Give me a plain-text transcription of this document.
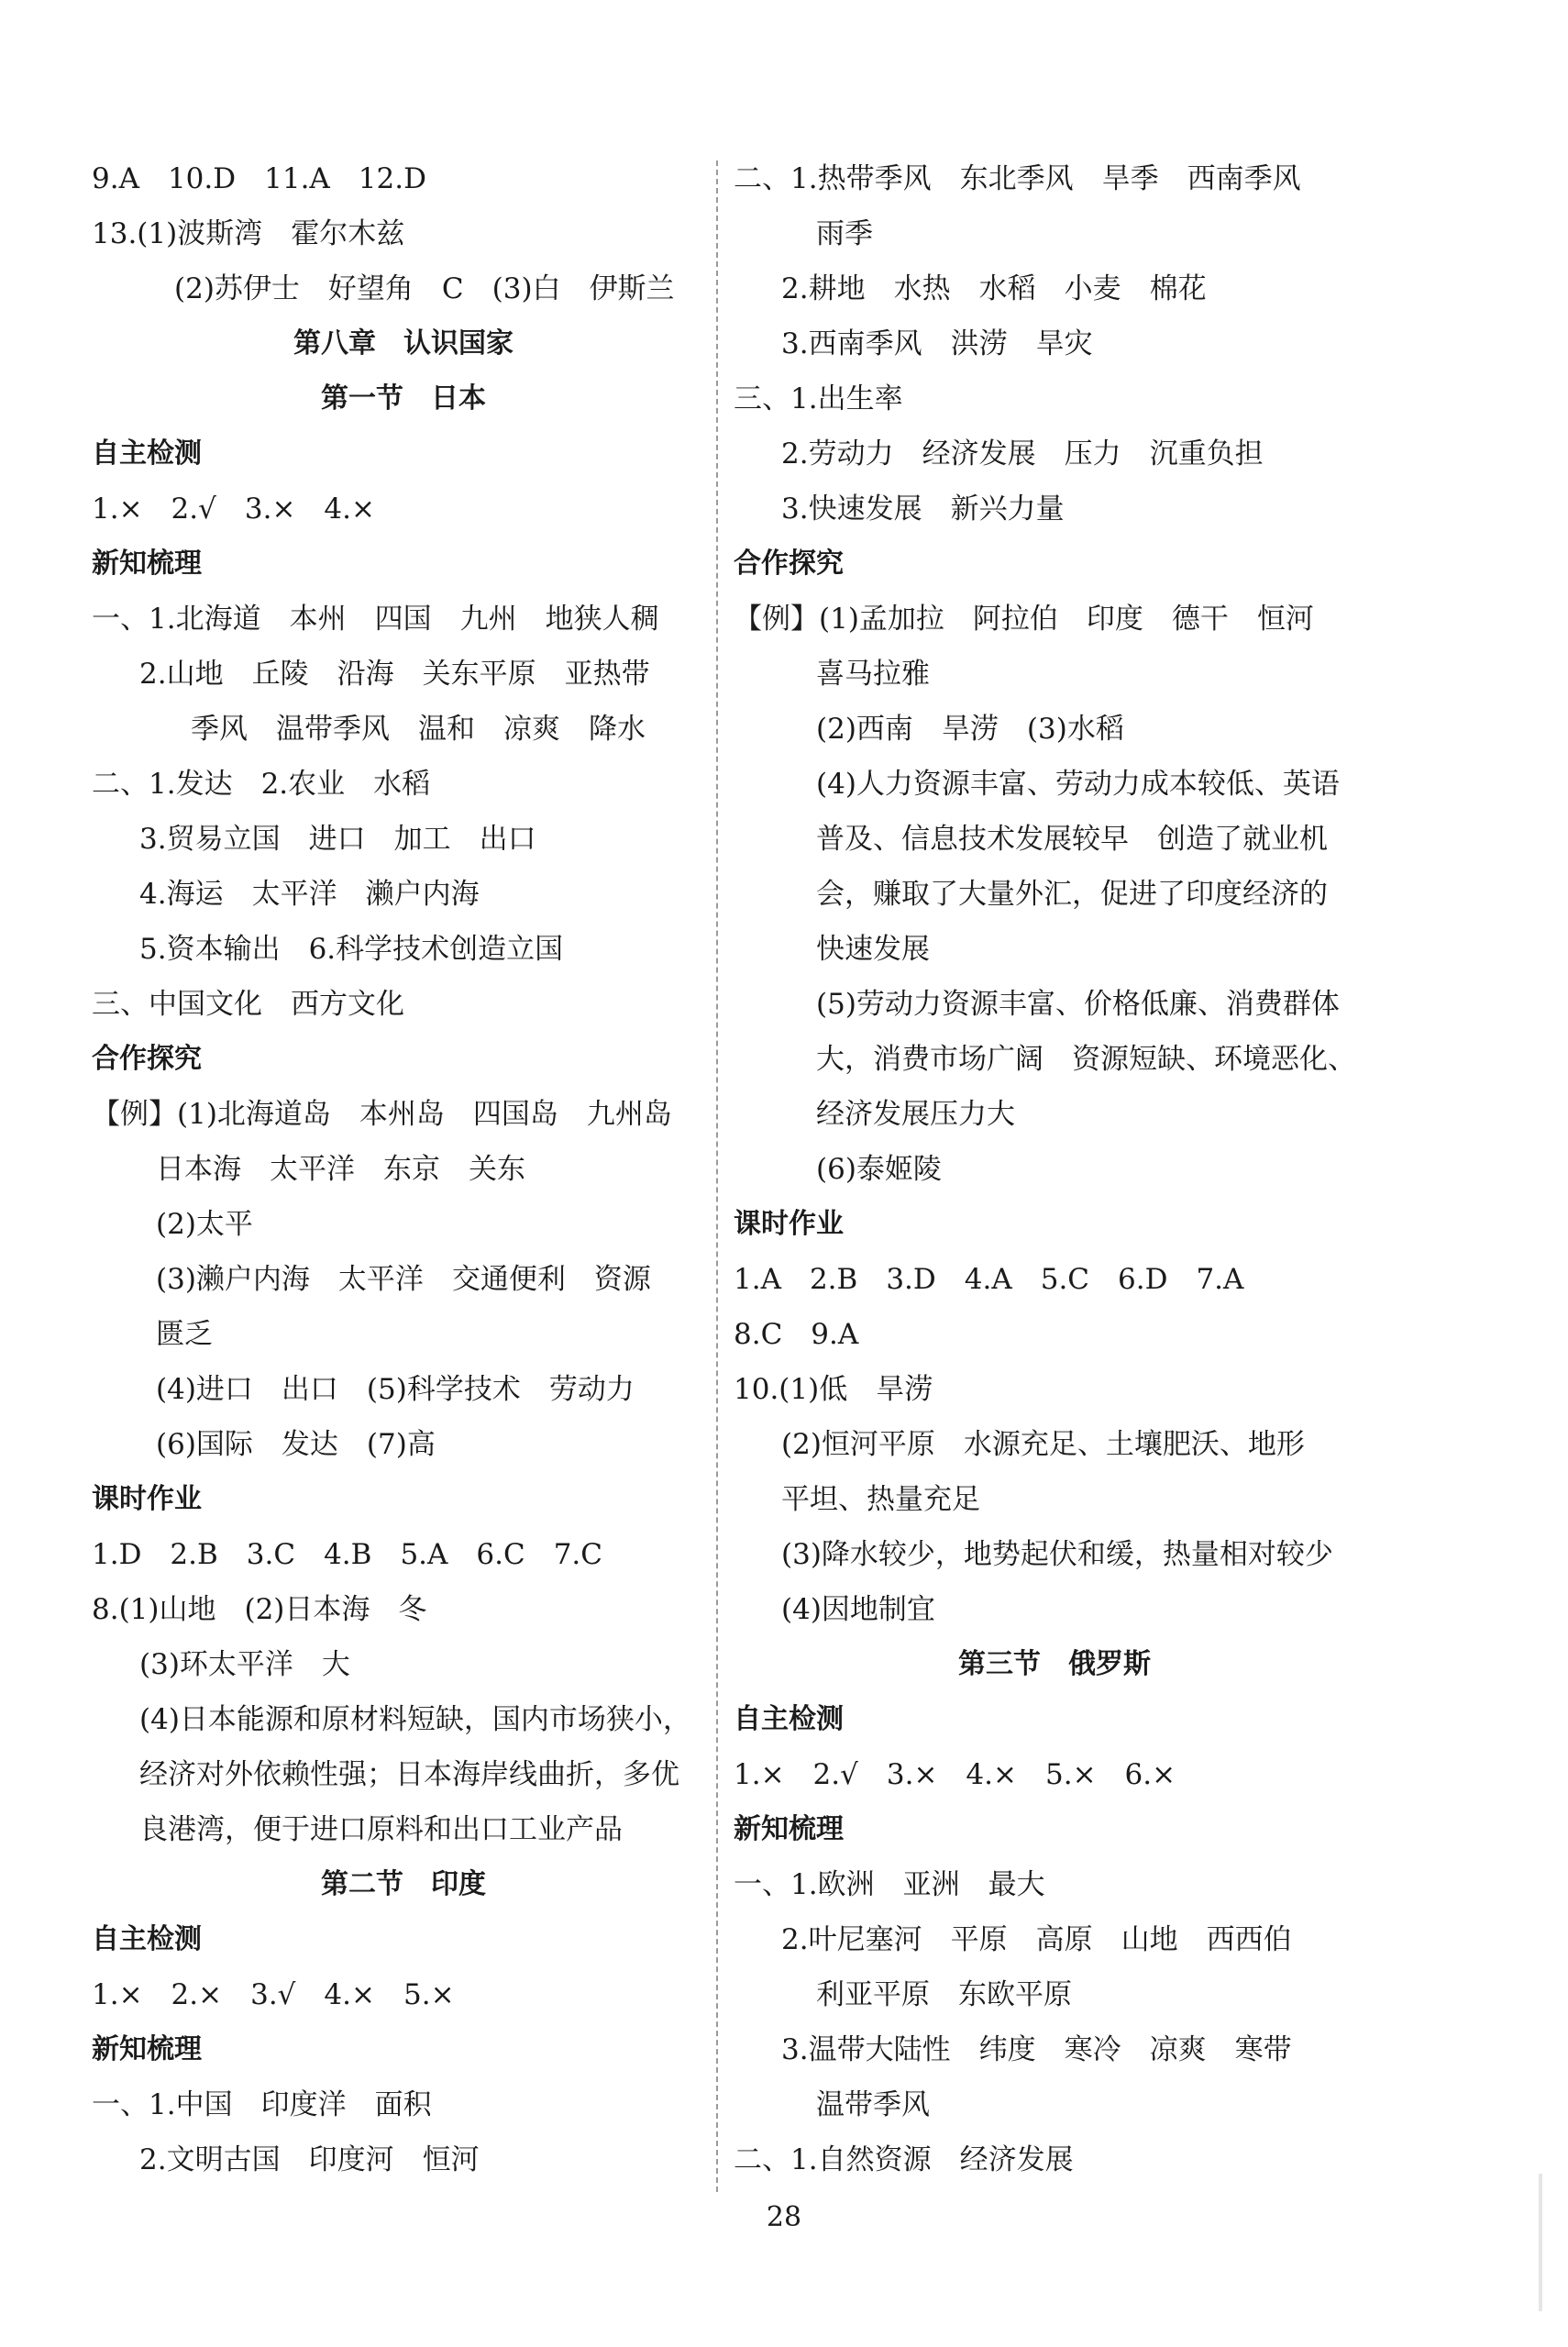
9.A　10.D　11.A　12.D
13.(1)波斯湾　霍尔木兹
(2)苏伊士　好望角　C　(3)白　伊斯兰
第八章　认识国家
第一节　日本
自主检测
1.×　2.√　3.×　4.×
新知梳理
一、1.北海道　本州　四国　九州　地狭人稠
2.山地　丘陵　沿海　关东平原　亚热带
季风　温带季风　温和　凉爽　降水
二、1.发达　2.农业　水稻
3.贸易立国　进口　加工　出口
4.海运　太平洋　濑户内海
5.资本输出　6.科学技术创造立国
三、中国文化　西方文化
合作探究
【例】(1)北海道岛　本州岛　四国岛　九州岛
日本海　太平洋　东京　关东
(2)太平
(3)濑户内海　太平洋　交通便利　资源
匮乏
(4)进口　出口　(5)科学技术　劳动力
(6)国际　发达　(7)高
课时作业
1.D　2.B　3.C　4.B　5.A　6.C　7.C
8.(1)山地　(2)日本海　冬
(3)环太平洋　大
(4)日本能源和原材料短缺，国内市场狭小，
经济对外依赖性强；日本海岸线曲折，多优
良港湾，便于进口原料和出口工业产品
第二节　印度
自主检测
1.×　2.×　3.√　4.×　5.×
新知梳理
一、1.中国　印度洋　面积
2.文明古国　印度河　恒河
二、1.热带季风　东北季风　旱季　西南季风
雨季
2.耕地　水热　水稻　小麦　棉花
3.西南季风　洪涝　旱灾
三、1.出生率
2.劳动力　经济发展　压力　沉重负担
3.快速发展　新兴力量
合作探究
【例】(1)孟加拉　阿拉伯　印度　德干　恒河
喜马拉雅
(2)西南　旱涝　(3)水稻
(4)人力资源丰富、劳动力成本较低、英语
普及、信息技术发展较早　创造了就业机
会，赚取了大量外汇，促进了印度经济的
快速发展
(5)劳动力资源丰富、价格低廉、消费群体
大，消费市场广阔　资源短缺、环境恶化、
经济发展压力大
(6)泰姬陵
课时作业
1.A　2.B　3.D　4.A　5.C　6.D　7.A
8.C　9.A
10.(1)低　旱涝
(2)恒河平原　水源充足、土壤肥沃、地形
平坦、热量充足
(3)降水较少，地势起伏和缓，热量相对较少
(4)因地制宜
第三节　俄罗斯
自主检测
1.×　2.√　3.×　4.×　5.×　6.×
新知梳理
一、1.欧洲　亚洲　最大
2.叶尼塞河　平原　高原　山地　西西伯
利亚平原　东欧平原
3.温带大陆性　纬度　寒冷　凉爽　寒带
温带季风
二、1.自然资源　经济发展
28
